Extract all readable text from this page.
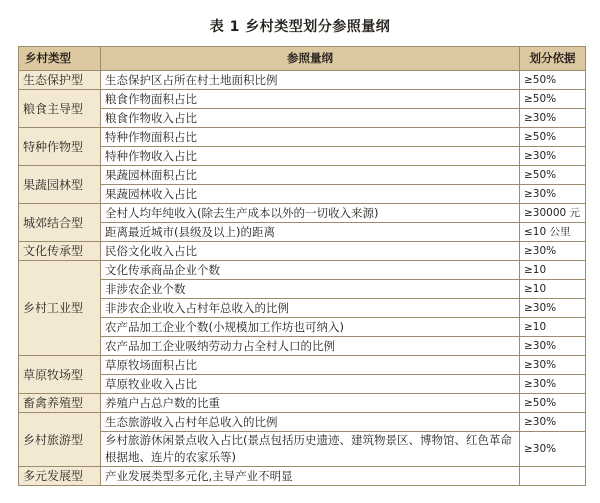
表 1 乡村类型划分参照量纲
乡村类型	参照量纲	划分依据
生态保护型	生态保护区占所在村土地面积比例	≥50%
粮食主导型	粮食作物面积占比	≥50%
	粮食作物收入占比	≥30%
特种作物型	特种作物面积占比	≥50%
	特种作物收入占比	≥30%
果蔬园林型	果蔬园林面积占比	≥50%
	果蔬园林收入占比	≥30%
城郊结合型	全村人均年纯收入(除去生产成本以外的一切收入来源)	≥30000 元
	距离最近城市(县级及以上)的距离	≤10 公里
文化传承型	民俗文化收入占比	≥30%
乡村工业型	文化传承商品企业个数	≥10
	非涉农企业个数	≥10
	非涉农企业收入占村年总收入的比例	≥30%
	农产品加工企业个数(小规模加工作坊也可纳入)	≥10
	农产品加工企业吸纳劳动力占全村人口的比例	≥30%
草原牧场型	草原牧场面积占比	≥30%
	草原牧业收入占比	≥30%
畜禽养殖型	养殖户占总户数的比重	≥50%
乡村旅游型	生态旅游收入占村年总收入的比例	≥30%
	乡村旅游休闲景点收入占比(景点包括历史遗迹、建筑物景区、博物馆、红色革命根据地、连片的农家乐等)	≥30%
多元发展型	产业发展类型多元化,主导产业不明显	
